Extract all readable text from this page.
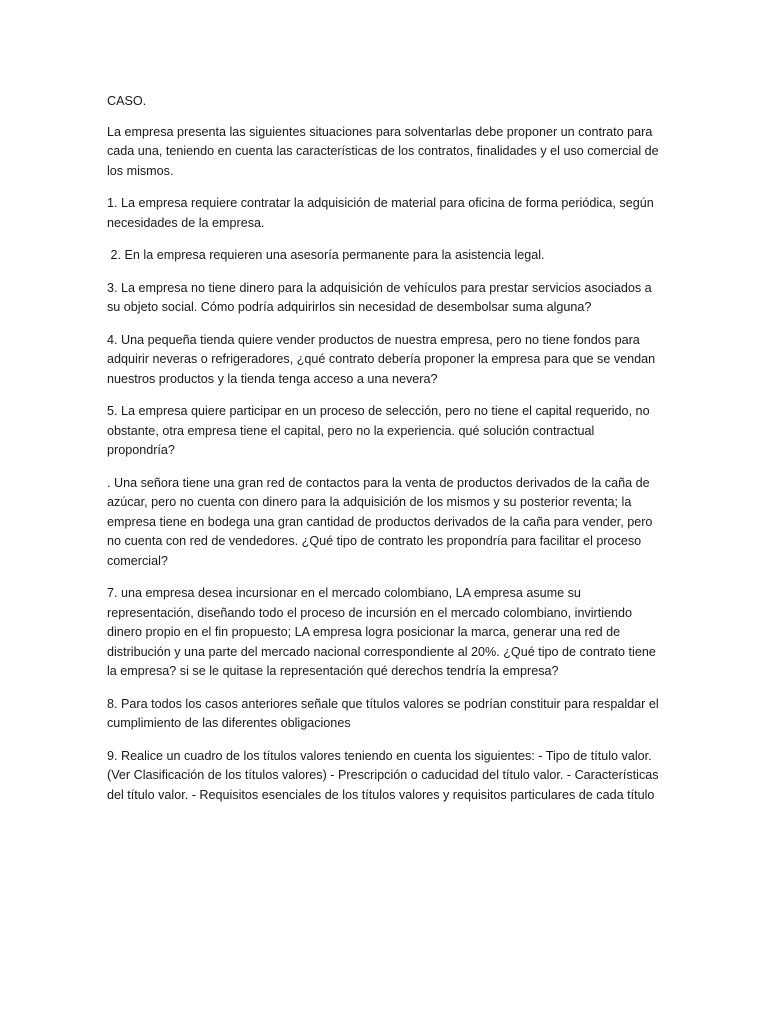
CASO.

La empresa presenta las siguientes situaciones para solventarlas debe proponer un contrato para cada una, teniendo en cuenta las características de los contratos, finalidades y el uso comercial de los mismos.

1. La empresa requiere contratar la adquisición de material para oficina de forma periódica, según necesidades de la empresa.

2. En la empresa requieren una asesoría permanente para la asistencia legal.

3. La empresa no tiene dinero para la adquisición de vehículos para prestar servicios asociados a su objeto social. Cómo podría adquirirlos sin necesidad de desembolsar suma alguna?

4. Una pequeña tienda quiere vender productos de nuestra empresa, pero no tiene fondos para adquirir neveras o refrigeradores, ¿qué contrato debería proponer la empresa para que se vendan nuestros productos y la tienda tenga acceso a una nevera?

5. La empresa quiere participar en un proceso de selección, pero no tiene el capital requerido, no obstante, otra empresa tiene el capital, pero no la experiencia. qué solución contractual propondría?

. Una señora tiene una gran red de contactos para la venta de productos derivados de la caña de azúcar, pero no cuenta con dinero para la adquisición de los mismos y su posterior reventa; la empresa tiene en bodega una gran cantidad de productos derivados de la caña para vender, pero no cuenta con red de vendedores. ¿Qué tipo de contrato les propondría para facilitar el proceso comercial?

7. una empresa desea incursionar en el mercado colombiano, LA empresa asume su representación, diseñando todo el proceso de incursión en el mercado colombiano, invirtiendo dinero propio en el fin propuesto; LA empresa logra posicionar la marca, generar una red de distribución y una parte del mercado nacional correspondiente al 20%. ¿Qué tipo de contrato tiene la empresa? si se le quitase la representación qué derechos tendría la empresa?

8. Para todos los casos anteriores señale que títulos valores se podrían constituir para respaldar el cumplimiento de las diferentes obligaciones

9. Realice un cuadro de los títulos valores teniendo en cuenta los siguientes: - Tipo de título valor. (Ver Clasificación de los títulos valores) - Prescripción o caducidad del título valor. - Características del título valor. - Requisitos esenciales de los títulos valores y requisitos particulares de cada título
